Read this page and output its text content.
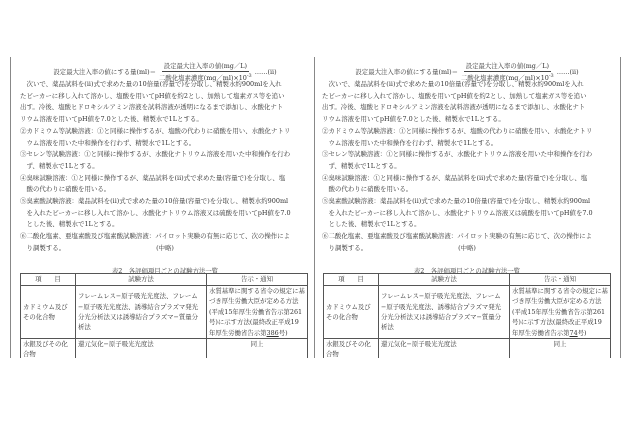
設定最大注入率の値にする量$(ml)= \frac{\text{設定最大注入率の値(mg／L)}}{二酸化塩素濃度(mg/ml)\times 10^{-3}}$ ……(ii)
次いで、薬品試料を(ii)式で求めた量の10倍量(容量で)を分取し、精製水約900mlを入れ
たビーカーに移し入れて溶かし、塩酸を用いてpH値を約2とし、加熱して塩素ガス等を追い
出す。冷後、塩酸ヒドロキシルアミン溶液を試料溶液が透明になるまで添加し、水酸化ナト
リウム溶液を用いてpH値を7.0とした後、精製水で1Lとする。
②カドミウム等試験溶液：①と同様に操作するが、塩酸の代わりに硝酸を用い、水酸化ナトリ
ウム溶液を用いた中和操作を行わず、精製水で1Lとする。
③セレン等試験溶液：①と同様に操作するが、水酸化ナトリウム溶液を用いた中和操作を行わ
ず、精製水で1Lとする。
④臭味試験溶液：①と同様に操作するが、薬品試料を(ii)式で求めた量(容量で)を分取し、塩
酸の代わりに硝酸を用いる。
⑤臭素酸試験溶液：薬品試料を(ii)式で求めた量の10倍量(容量で)を分取し、精製水約900ml
を入れたビーカーに移し入れて溶かし、水酸化ナトリウム溶液又は硫酸を用いてpH値を7.0
とした後、精製水で1Lとする。
⑥二酸化塩素、亜塩素酸及び塩素酸試験溶液：パイロット実験の有無に応じて、次の操作によ
り調製する。	(中略)
表2　各評価項目ごとの試験方法一覧
項　　目	試験方法	告示・通知
カドミウム及びその化合物	フレームレス−原子吸光光度法、フレーム−原子吸光光度法、誘導結合プラズマ発光分光分析法又は誘導結合プラズマ−質量分析法	水質基準に関する省令の規定に基づき厚生労働大臣が定める方法(平成15年厚生労働省告示第261号)に示す方法(最終改正平成19年厚生労働省告示第386号)
水銀及びその化合物	還元気化−原子吸光光度法	同上
設定最大注入率の値にする量$(ml)= \frac{\text{設定最大注入率の値(mg／L)}}{二酸化塩素濃度(mg/ml)\times 10^{-3}}$ ……(ii)
次いで、薬品試料を(ii)式で求めた量の10倍量(容量で)を分取し、精製水約900mlを入れ
たビーカーに移し入れて溶かし、塩酸を用いてpH値を約2とし、加熱して塩素ガス等を追い
出す。冷後、塩酸ヒドロキシルアミン溶液を試料溶液が透明になるまで添加し、水酸化ナト
リウム溶液を用いてpH値を7.0とした後、精製水で1Lとする。
②カドミウム等試験溶液：①と同様に操作するが、塩酸の代わりに硝酸を用い、水酸化ナトリ
ウム溶液を用いた中和操作を行わず、精製水で1Lとする。
③セレン等試験溶液：①と同様に操作するが、水酸化ナトリウム溶液を用いた中和操作を行わ
ず、精製水で1Lとする。
④臭味試験溶液：①と同様に操作するが、薬品試料を(ii)式で求めた量(容量で)を分取し、塩
酸の代わりに硝酸を用いる。
⑤臭素酸試験溶液：薬品試料を(ii)式で求めた量の10倍量(容量で)を分取し、精製水約900ml
を入れたビーカーに移し入れて溶かし、水酸化ナトリウム溶液又は硫酸を用いてpH値を7.0
とした後、精製水で1Lとする。
⑥二酸化塩素、亜塩素酸及び塩素酸試験溶液：パイロット実験の有無に応じて、次の操作によ
り調製する。	(中略)
表2　各評価項目ごとの試験方法一覧
項　　目	試験方法	告示・通知
カドミウム及びその化合物	フレームレス−原子吸光光度法、フレーム−原子吸光光度法、誘導結合プラズマ発光分光分析法又は誘導結合プラズマ−質量分析法	水質基準に関する省令の規定に基づき厚生労働大臣が定める方法(平成15年厚生労働省告示第261号)に示す方法(最終改正平成19年厚生労働省告示第74号)
水銀及びその化合物	還元気化−原子吸光光度法	同上
